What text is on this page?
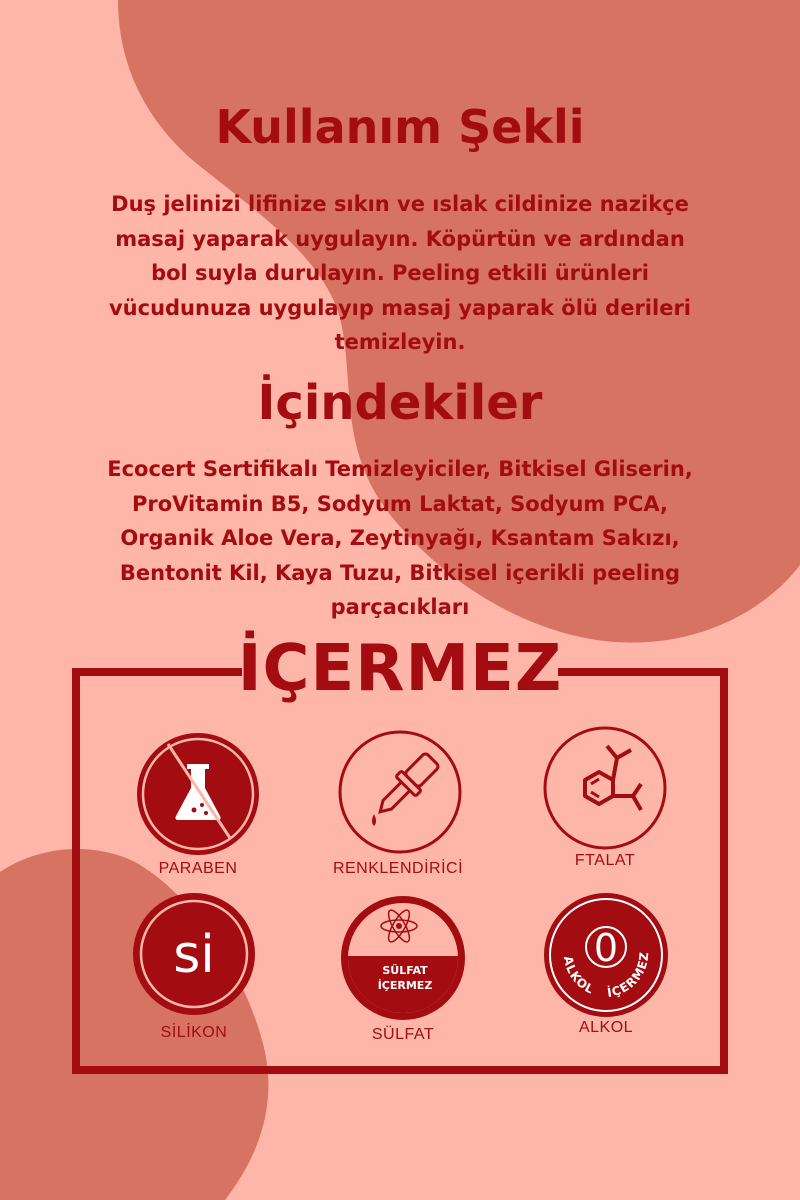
Kullanım Şekli

Duş jelinizi lifinize sıkın ve ıslak cildinize nazikçe masaj yaparak uygulayın. Köpürtün ve ardından bol suyla durulayın. Peeling etkili ürünleri vücudunuza uygulayıp masaj yaparak ölü derileri temizleyin.

İçindekiler

Ecocert Sertifikalı Temizleyiciler, Bitkisel Gliserin, ProVitamin B5, Sodyum Laktat, Sodyum PCA, Organik Aloe Vera, Zeytinyağı, Ksantam Sakızı, Bentonit Kil, Kaya Tuzu, Bitkisel içerikli peeling parçacıkları

İÇERMEZ
PARABEN	RENKLENDİRİCİ	FTALAT
si
SİLİKON
SÜLFAT
İÇERMEZ
SÜLFAT
0
ALKOL İÇERMEZ
ALKOL
